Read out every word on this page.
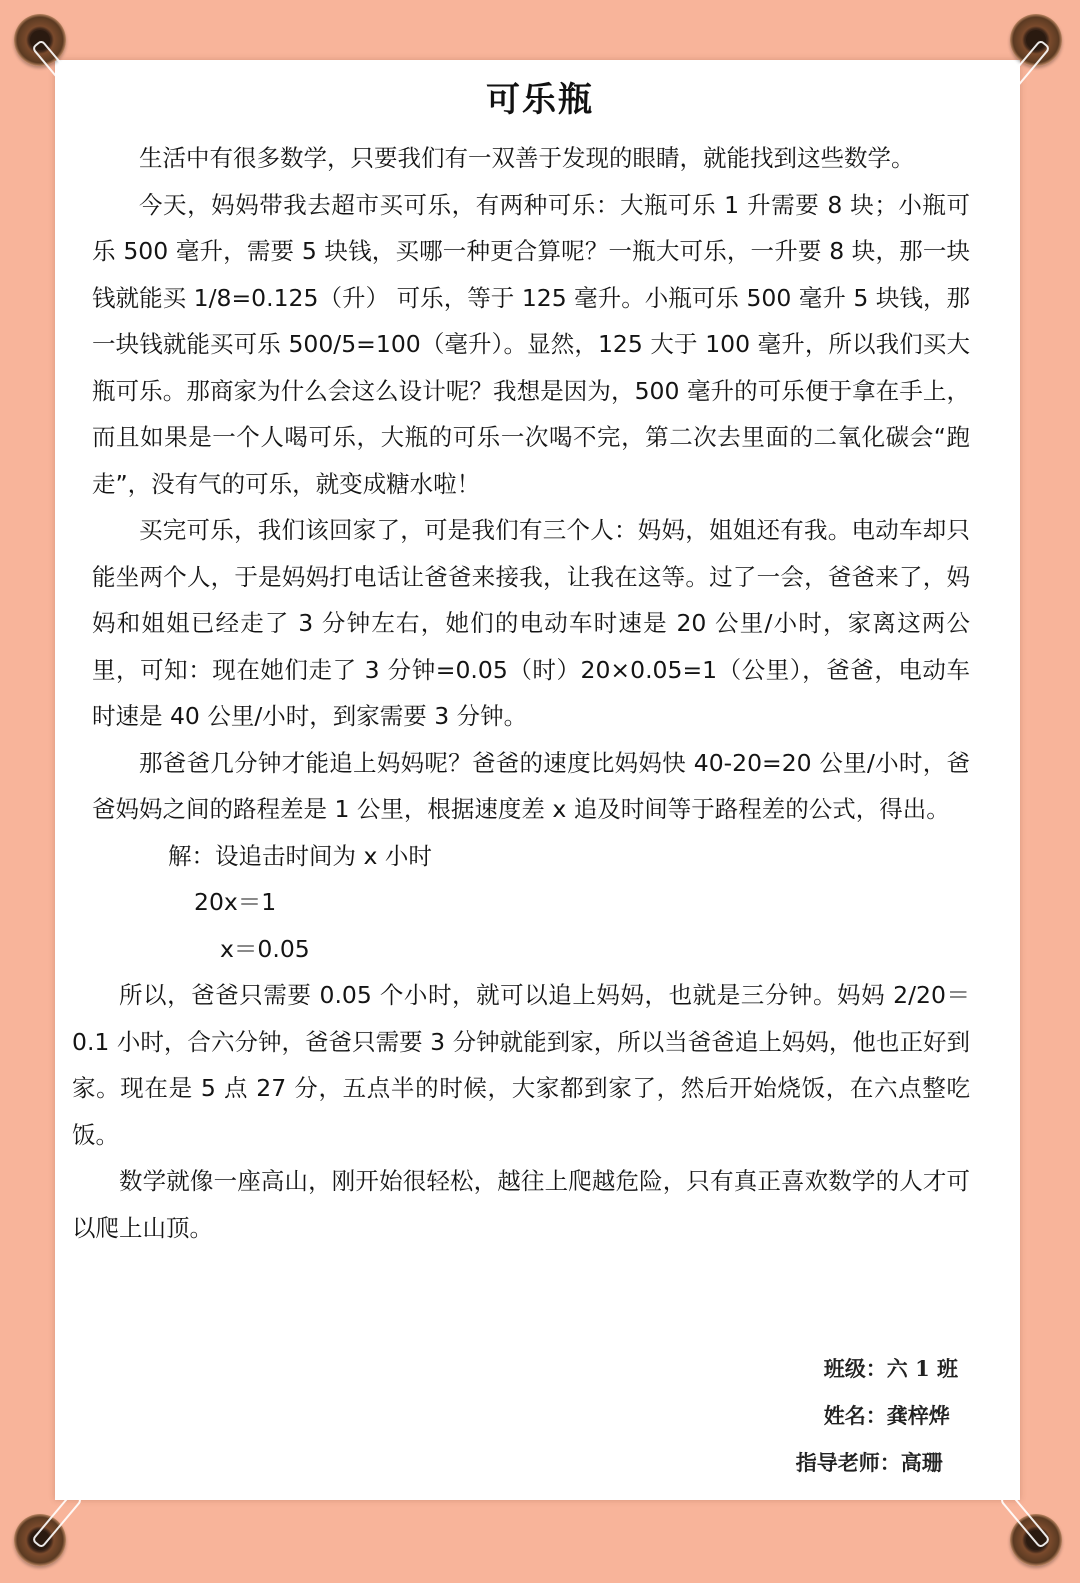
可乐瓶

生活中有很多数学，只要我们有一双善于发现的眼睛，就能找到这些数学。

今天，妈妈带我去超市买可乐，有两种可乐：大瓶可乐 1 升需要 8 块；小瓶可乐 500 毫升，需要 5 块钱，买哪一种更合算呢？一瓶大可乐，一升要 8 块，那一块钱就能买 1/8=0.125（升） 可乐，等于 125 毫升。小瓶可乐 500 毫升 5 块钱，那一块钱就能买可乐 500/5=100（毫升）。显然，125 大于 100 毫升，所以我们买大瓶可乐。那商家为什么会这么设计呢？我想是因为，500 毫升的可乐便于拿在手上，而且如果是一个人喝可乐，大瓶的可乐一次喝不完，第二次去里面的二氧化碳会“跑走”，没有气的可乐，就变成糖水啦！

买完可乐，我们该回家了，可是我们有三个人：妈妈，姐姐还有我。电动车却只能坐两个人，于是妈妈打电话让爸爸来接我，让我在这等。过了一会，爸爸来了，妈妈和姐姐已经走了 3 分钟左右，她们的电动车时速是 20 公里/小时，家离这两公里，可知：现在她们走了 3 分钟=0.05（时）20×0.05=1（公里），爸爸，电动车时速是 40 公里/小时，到家需要 3 分钟。

那爸爸几分钟才能追上妈妈呢？爸爸的速度比妈妈快 40-20=20 公里/小时，爸爸妈妈之间的路程差是 1 公里，根据速度差 x 追及时间等于路程差的公式，得出。

解：设追击时间为 x 小时

20x＝1

x＝0.05

所以，爸爸只需要 0.05 个小时，就可以追上妈妈，也就是三分钟。妈妈 2/20＝0.1 小时，合六分钟，爸爸只需要 3 分钟就能到家，所以当爸爸追上妈妈，他也正好到家。现在是 5 点 27 分，五点半的时候，大家都到家了，然后开始烧饭，在六点整吃饭。

数学就像一座高山，刚开始很轻松，越往上爬越危险，只有真正喜欢数学的人才可以爬上山顶。

班级：六 1 班
姓名：龚梓烨
指导老师：高珊
